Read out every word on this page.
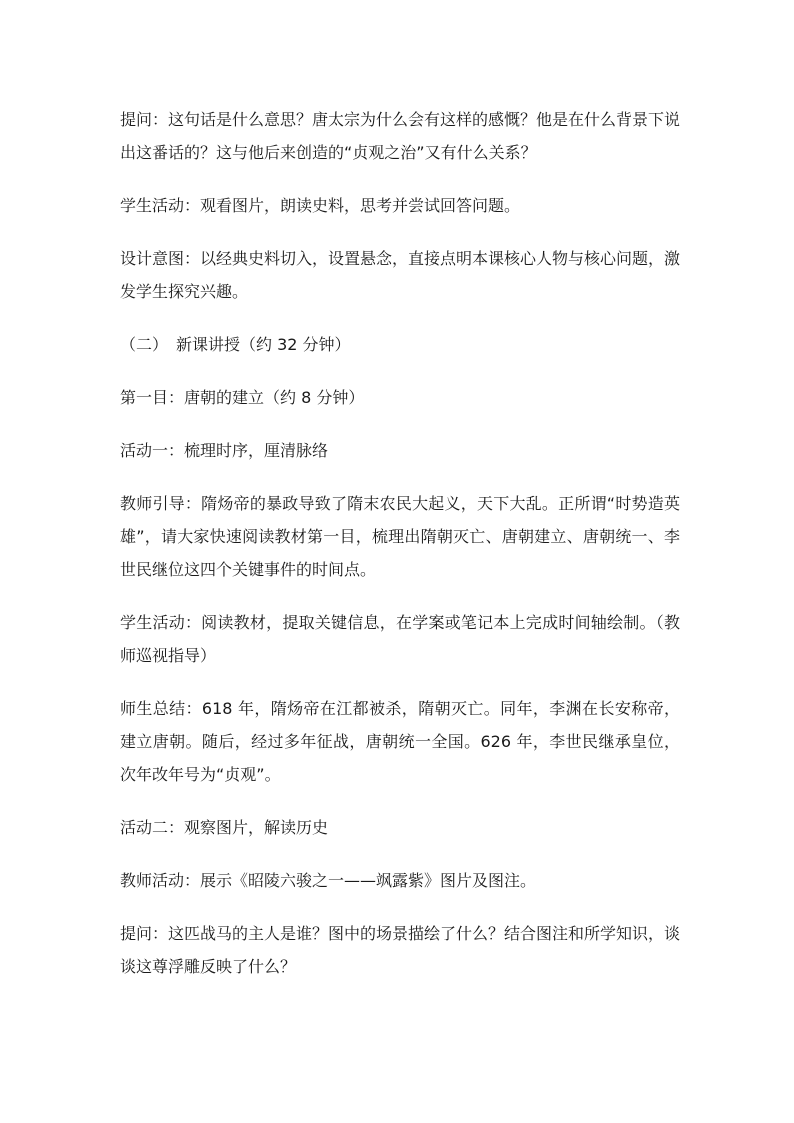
提问：这句话是什么意思？唐太宗为什么会有这样的感慨？他是在什么背景下说出这番话的？这与他后来创造的“贞观之治”又有什么关系？

学生活动：观看图片，朗读史料，思考并尝试回答问题。

设计意图：以经典史料切入，设置悬念，直接点明本课核心人物与核心问题，激发学生探究兴趣。

（二）　新课讲授（约 32 分钟）

第一目：唐朝的建立（约 8 分钟）

活动一：梳理时序，厘清脉络

教师引导：隋炀帝的暴政导致了隋末农民大起义，天下大乱。正所谓“时势造英雄”，请大家快速阅读教材第一目，梳理出隋朝灭亡、唐朝建立、唐朝统一、李世民继位这四个关键事件的时间点。

学生活动：阅读教材，提取关键信息，在学案或笔记本上完成时间轴绘制。（教师巡视指导）

师生总结：618 年，隋炀帝在江都被杀，隋朝灭亡。同年，李渊在长安称帝，建立唐朝。随后，经过多年征战，唐朝统一全国。626 年，李世民继承皇位，次年改年号为“贞观”。

活动二：观察图片，解读历史

教师活动：展示《昭陵六骏之一——飒露紫》图片及图注。

提问：这匹战马的主人是谁？图中的场景描绘了什么？结合图注和所学知识，谈谈这尊浮雕反映了什么？
